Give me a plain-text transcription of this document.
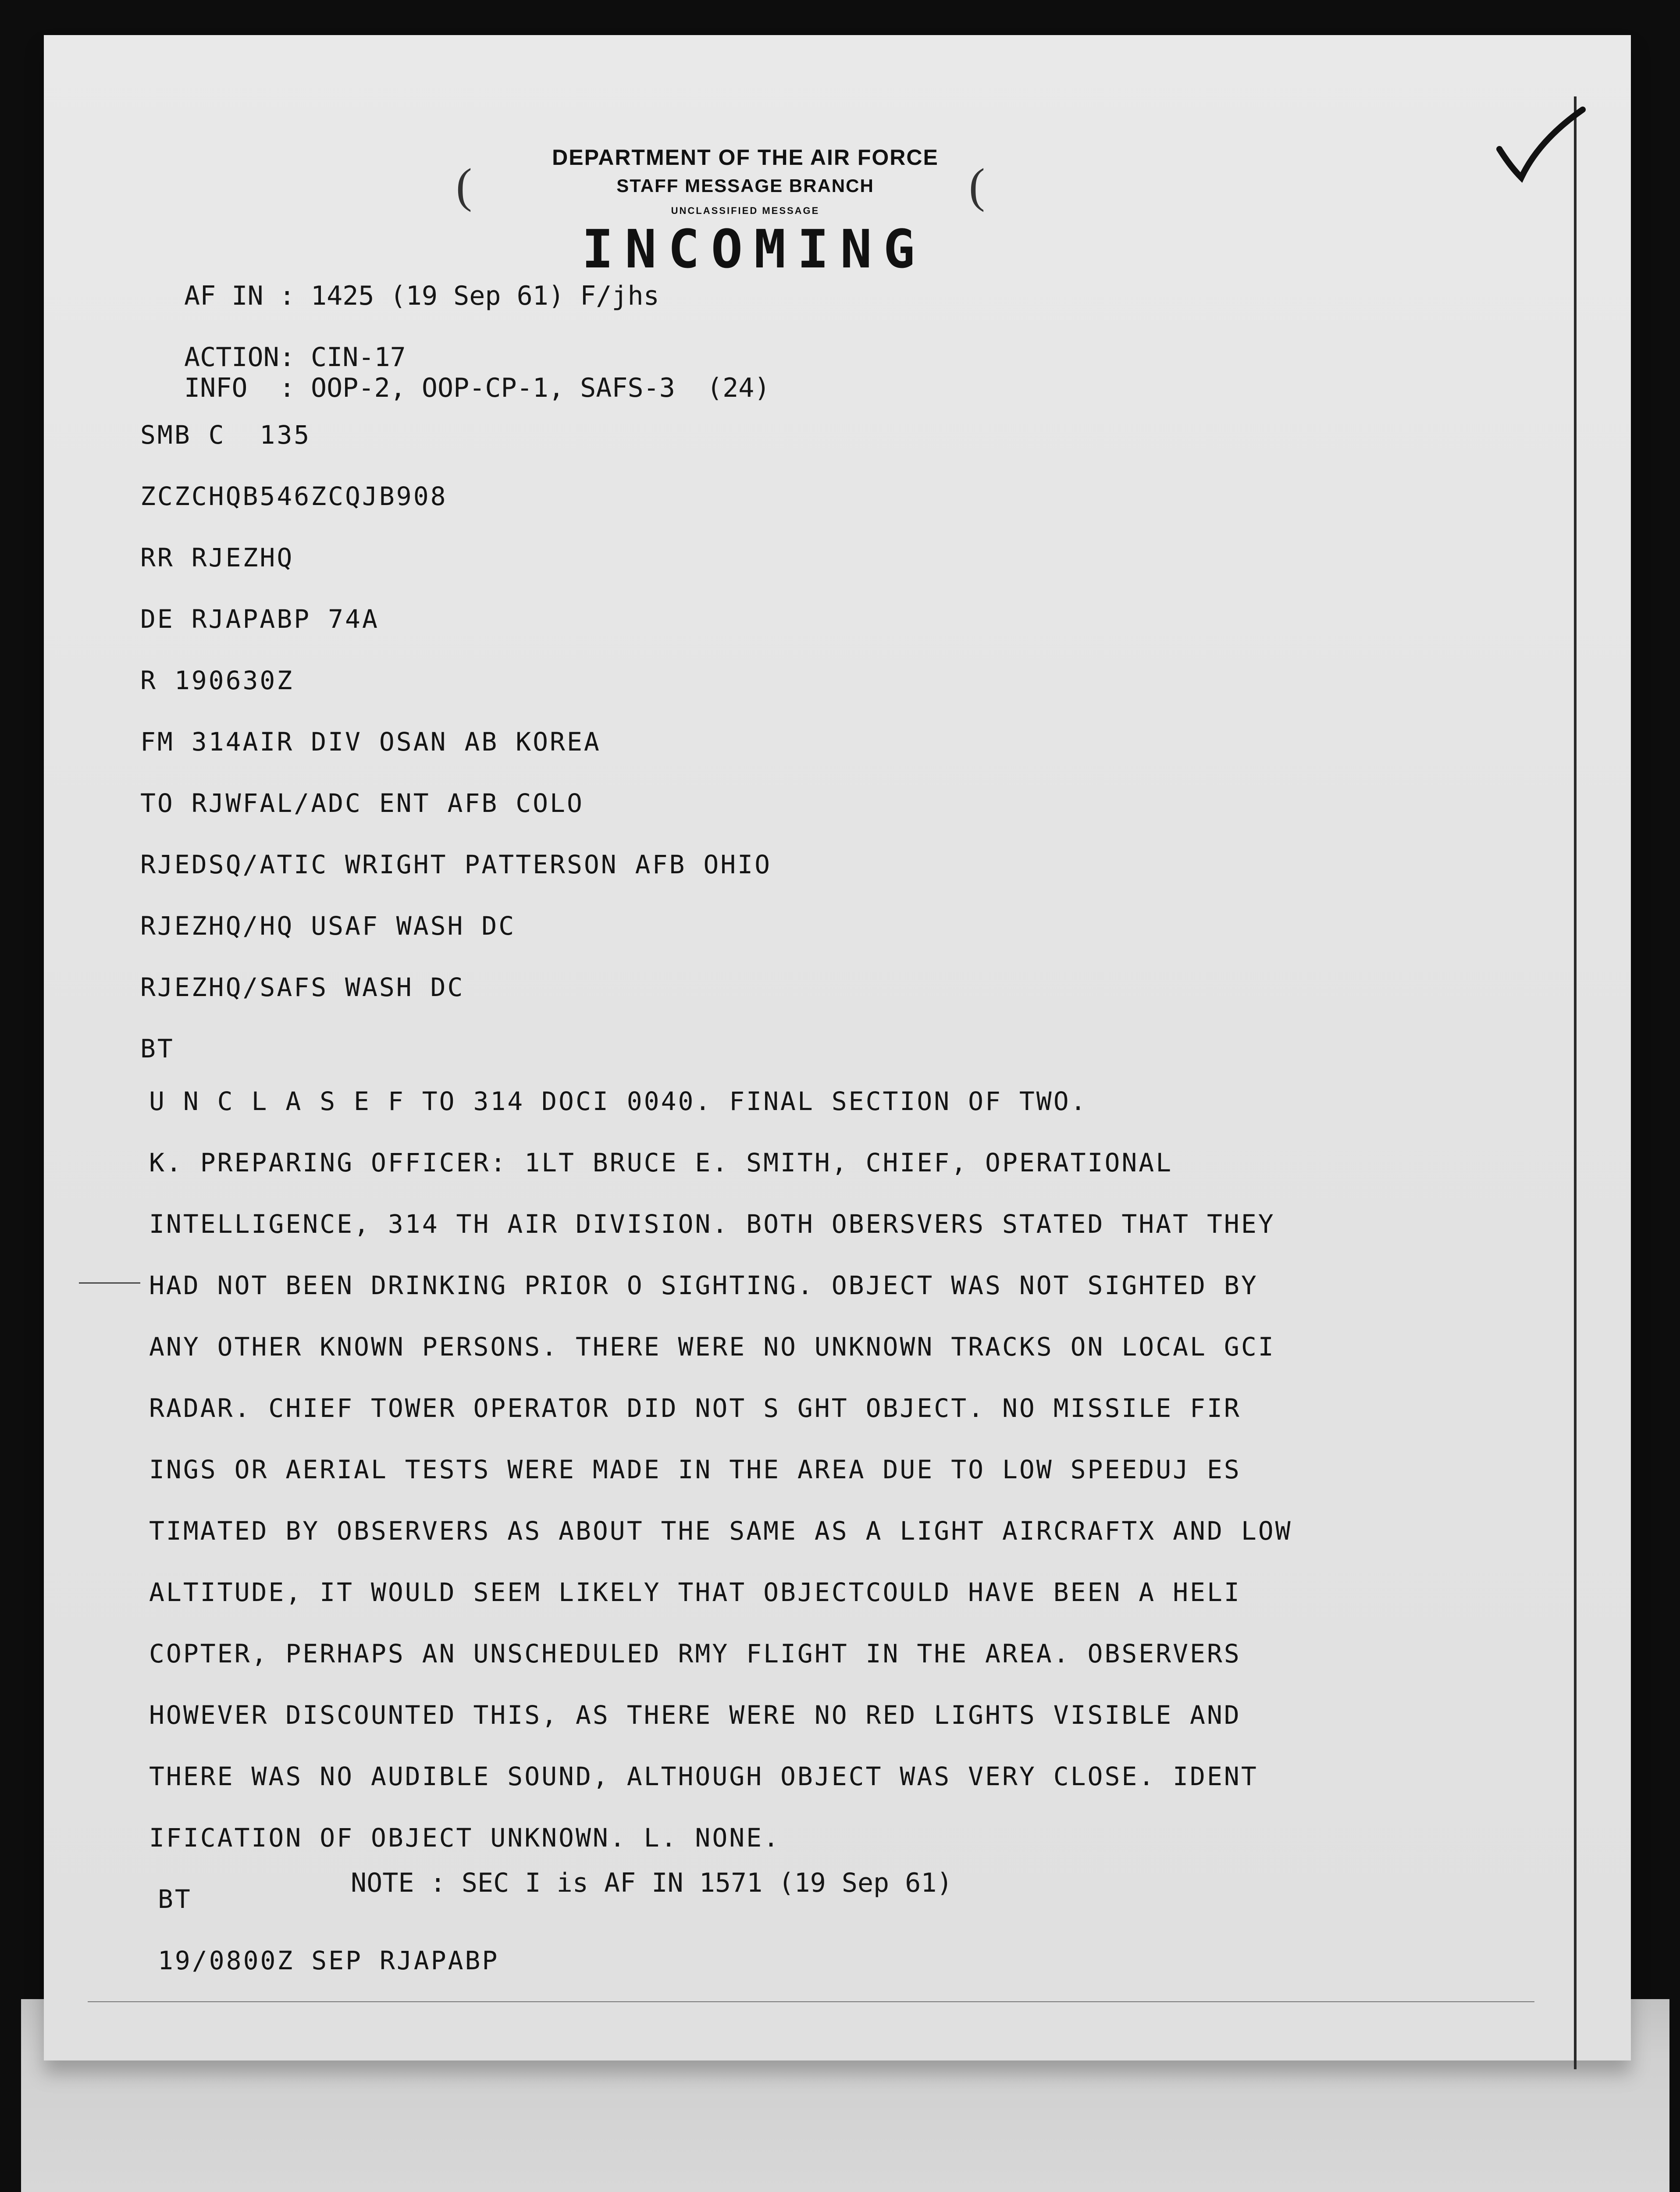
(	(
DEPARTMENT OF THE AIR FORCE
STAFF MESSAGE BRANCH
UNCLASSIFIED MESSAGE
INCOMING
AF IN : 1425 (19 Sep 61) F/jhs
ACTION: CIN-17
INFO  : OOP-2, OOP-CP-1, SAFS-3  (24)
SMB C  135
ZCZCHQB546ZCQJB908
RR RJEZHQ
DE RJAPABP 74A
R 190630Z
FM 314AIR DIV OSAN AB KOREA
TO RJWFAL/ADC ENT AFB COLO
RJEDSQ/ATIC WRIGHT PATTERSON AFB OHIO
RJEZHQ/HQ USAF WASH DC
RJEZHQ/SAFS WASH DC
BT
U N C L A S E F TO 314 DOCI 0040. FINAL SECTION OF TWO.
K. PREPARING OFFICER: 1LT BRUCE E. SMITH, CHIEF, OPERATIONAL
INTELLIGENCE, 314 TH AIR DIVISION. BOTH OBERSVERS STATED THAT THEY
HAD NOT BEEN DRINKING PRIOR O SIGHTING. OBJECT WAS NOT SIGHTED BY
ANY OTHER KNOWN PERSONS. THERE WERE NO UNKNOWN TRACKS ON LOCAL GCI
RADAR. CHIEF TOWER OPERATOR DID NOT S GHT OBJECT. NO MISSILE FIR
INGS OR AERIAL TESTS WERE MADE IN THE AREA DUE TO LOW SPEEDUJ ES
TIMATED BY OBSERVERS AS ABOUT THE SAME AS A LIGHT AIRCRAFTX AND LOW
ALTITUDE, IT WOULD SEEM LIKELY THAT OBJECTCOULD HAVE BEEN A HELI
COPTER, PERHAPS AN UNSCHEDULED RMY FLIGHT IN THE AREA. OBSERVERS
HOWEVER DISCOUNTED THIS, AS THERE WERE NO RED LIGHTS VISIBLE AND
THERE WAS NO AUDIBLE SOUND, ALTHOUGH OBJECT WAS VERY CLOSE. IDENT
IFICATION OF OBJECT UNKNOWN. L. NONE.
BT
19/0800Z SEP RJAPABP
NOTE : SEC I is AF IN 1571 (19 Sep 61)
